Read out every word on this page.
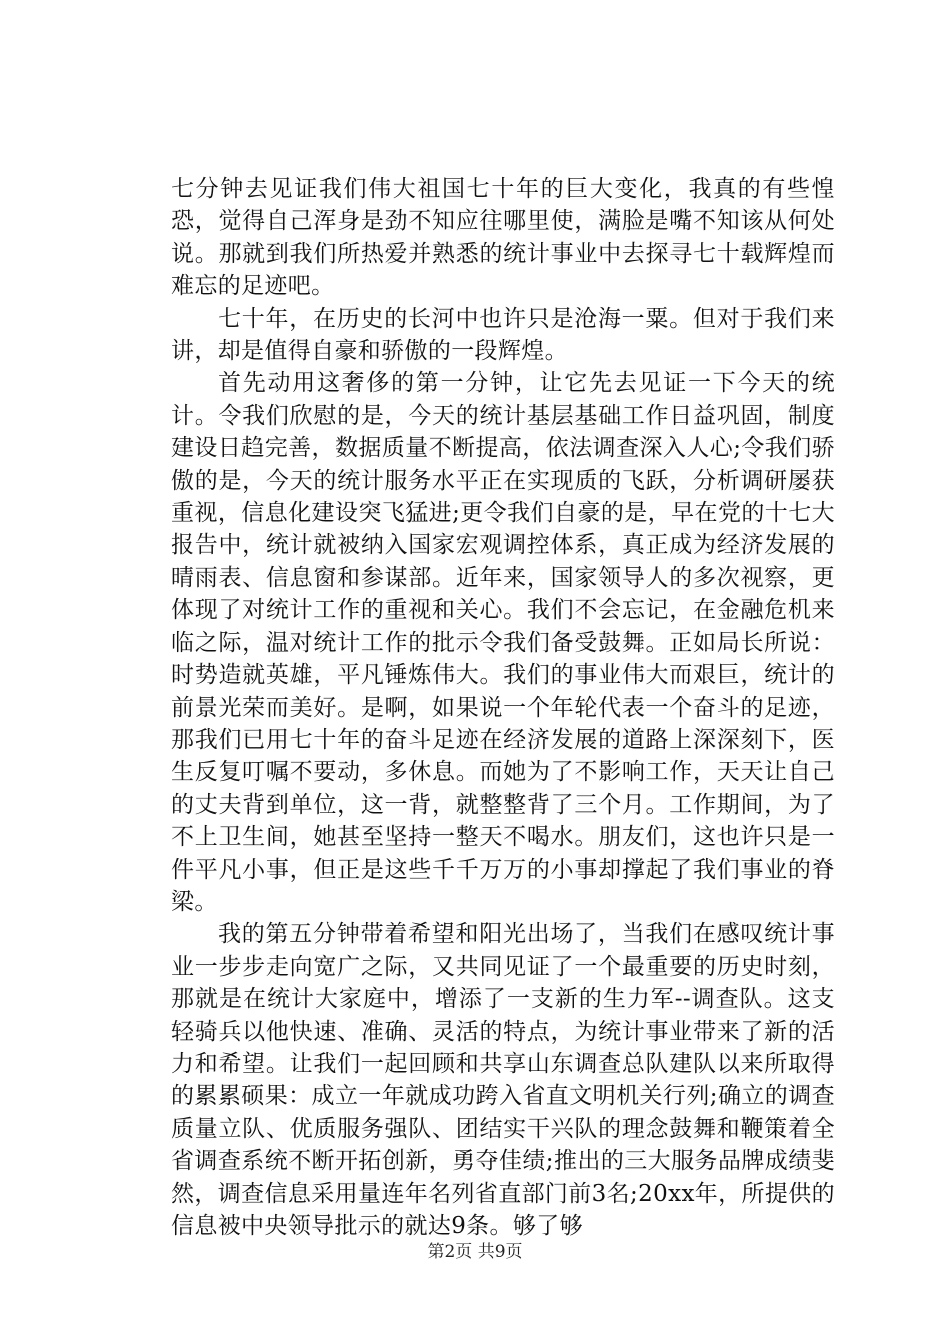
七分钟去见证我们伟大祖国七十年的巨大变化，我真的有些惶恐，觉得自己浑身是劲不知应往哪里使，满脸是嘴不知该从何处说。那就到我们所热爱并熟悉的统计事业中去探寻七十载辉煌而难忘的足迹吧。

七十年，在历史的长河中也许只是沧海一粟。但对于我们来讲，却是值得自豪和骄傲的一段辉煌。

首先动用这奢侈的第一分钟，让它先去见证一下今天的统计。令我们欣慰的是，今天的统计基层基础工作日益巩固，制度建设日趋完善，数据质量不断提高，依法调查深入人心;令我们骄傲的是，今天的统计服务水平正在实现质的飞跃，分析调研屡获重视，信息化建设突飞猛进;更令我们自豪的是，早在党的十七大报告中，统计就被纳入国家宏观调控体系，真正成为经济发展的晴雨表、信息窗和参谋部。近年来，国家领导人的多次视察，更体现了对统计工作的重视和关心。我们不会忘记，在金融危机来临之际，温对统计工作的批示令我们备受鼓舞。正如局长所说：时势造就英雄，平凡锤炼伟大。我们的事业伟大而艰巨，统计的前景光荣而美好。是啊，如果说一个年轮代表一个奋斗的足迹，那我们已用七十年的奋斗足迹在经济发展的道路上深深刻下，医生反复叮嘱不要动，多休息。而她为了不影响工作，天天让自己的丈夫背到单位，这一背，就整整背了三个月。工作期间，为了不上卫生间，她甚至坚持一整天不喝水。朋友们，这也许只是一件平凡小事，但正是这些千千万万的小事却撑起了我们事业的脊梁。

我的第五分钟带着希望和阳光出场了，当我们在感叹统计事业一步步走向宽广之际，又共同见证了一个最重要的历史时刻，那就是在统计大家庭中，增添了一支新的生力军--调查队。这支轻骑兵以他快速、准确、灵活的特点，为统计事业带来了新的活力和希望。让我们一起回顾和共享山东调查总队建队以来所取得的累累硕果：成立一年就成功跨入省直文明机关行列;确立的调查质量立队、优质服务强队、团结实干兴队的理念鼓舞和鞭策着全省调查系统不断开拓创新，勇夺佳绩;推出的三大服务品牌成绩斐然，调查信息采用量连年名列省直部门前3名;20xx年，所提供的信息被中央领导批示的就达9条。够了够

第2页 共9页
